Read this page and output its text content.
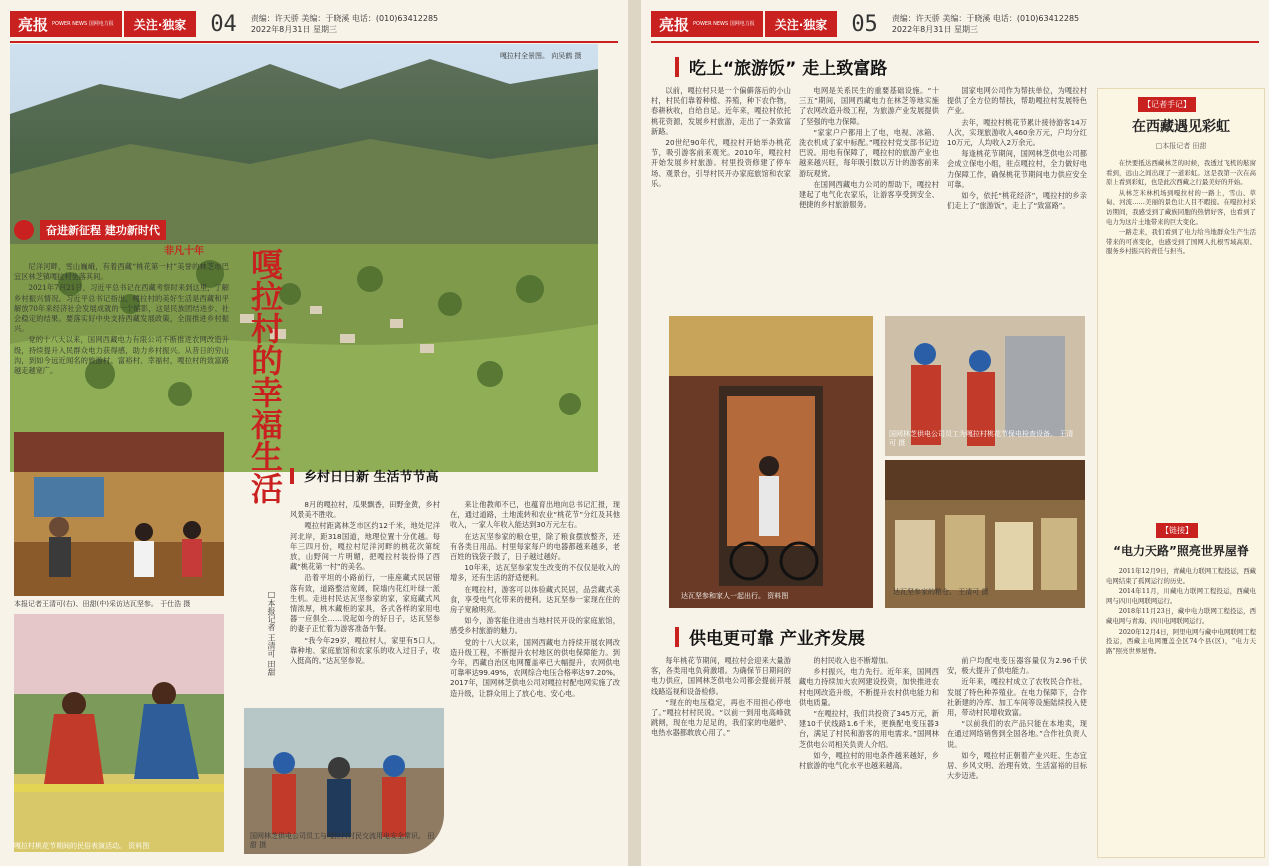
亮报 POWER NEWS 国网电力报	关注·独家	04 责编：许天骄 美编：于晓溪 电话：(010)63412285
2022年8月31日 星期三
嘎拉村全景图。 向吴鹤 摄
奋进新征程 建功新时代
非凡十年

尼洋河畔，雪山巍峨，有着西藏“桃花第一村”美誉的林芝市巴宜区林芝镇嘎拉村坐落其间。

2021年7月21日，习近平总书记在西藏考察时来到这里，了解乡村振兴情况。习近平总书记指出，嘎拉村的美好生活是西藏和平解放70年来经济社会发展成就的一个缩影，这是民族团结进步、社会稳定的结果。要落实好中央支持西藏发展政策，全面推进乡村振兴。

党的十八大以来，国网西藏电力有限公司不断推进农网改造升级，持续提升入民群众电力获得感，助力乡村振兴。从昔日的穷山沟，到如今远近闻名的旅游村、富裕村、幸福村，嘎拉村的致富路越走越宽广。	嘎拉村的幸福生活
本报记者王清可(右)、田甜(中)采访达瓦坚参。 于仕浩 摄
嘎拉村桃花节期间的民俗表演活动。 资料图
□本报记者 王清可 田甜
乡村日日新 生活节节高

8月的嘎拉村，瓜果飘香，田野金黄，乡村风景美不胜收。

嘎拉村距离林芝市区约12千米，地处尼洋河北岸，距318国道，地理位置十分优越。每年三四月份，嘎拉村尼洋河畔的桃花次第绽放，山野间一片明媚，把嘎拉村装扮得了西藏“桃花第一村”的美名。

沿着平坦的小路前行，一座座藏式民居错落有致，道路整洁宽阔，院墙内花红叶绿一派生机。走进村民达瓦坚参家的家，家庭藏式风情浓厚，桃木藏柜的家具，各式各样的家用电器一应俱全……说起如今的好日子，达瓦坚参的妻子正忙着为游客准备午餐。

“我今年29岁，嘎拉村人，家里有5口人，靠种地、家庭旅馆和农家乐的收入过日子，收入挺高的。”达瓦坚参说。

来让他教师不已，也蕴育出地向总书记汇报，现在，通过道路，土地流转和农业“桃花节”分红及其他收入，一家人年收入能达到30万元左右。

在达瓦坚参家的粮仓里，除了粮食摆放整齐，还有各类日用品。村里每家每户的电器都越来越多，老百姓的钱袋子鼓了，日子越过越好。

10年来，达瓦坚参家发生改变的不仅仅是收入的增多，还有生活的舒适便利。

在嘎拉村，游客可以体验藏式民居，品尝藏式美食，享受电气化带来的便利。达瓦坚参一家现在住的房子宽敞明亮。

如今，游客能住进由当地村民开设的家庭旅馆，感受乡村旅游的魅力。

党的十八大以来，国网西藏电力持续开展农网改造升级工程，不断提升农村地区的供电保障能力。到今年，西藏自治区电网覆盖率已大幅提升，农网供电可靠率达99.49%，农网综合电压合格率达97.20%。2017年，国网林芝供电公司对嘎拉村配电网实施了改造升级，让群众用上了放心电、安心电。

国网林芝供电公司员工与嘎拉村村民交流用电安全常识。 田甜 摄
亮报 POWER NEWS 国网电力报	关注·独家	05 责编：许天骄 美编：于晓溪 电话：(010)63412285
2022年8月31日 星期三
吃上“旅游饭” 走上致富路

以前，嘎拉村只是一个偏僻落后的小山村，村民们靠着种植、养殖，种下农作物，春耕秋收，自给自足。近年来，嘎拉村依托桃花资源，发展乡村旅游，走出了一条致富新路。

20世纪90年代，嘎拉村开始举办桃花节，吸引游客前来观光。2010年，嘎拉村开始发展乡村旅游。村里投资修建了停车场、观景台，引导村民开办家庭旅馆和农家乐。

电网是关系民生的重要基础设施。“十三五”期间，国网西藏电力在林芝等地实施了农网改造升级工程，为旅游产业发展提供了坚强的电力保障。

“家家户户都用上了电，电视、冰箱、洗衣机成了家中标配。”嘎拉村党支部书记边巴说。用电有保障了，嘎拉村的旅游产业也越来越兴旺，每年吸引数以万计的游客前来游玩观赏。

在国网西藏电力公司的帮助下，嘎拉村建起了电气化农家乐，让游客享受到安全、便捷的乡村旅游服务。

国家电网公司作为帮扶单位，为嘎拉村提供了全方位的帮扶，帮助嘎拉村发展特色产业。

去年，嘎拉村桃花节累计接待游客14万人次，实现旅游收入460余万元，户均分红10万元，人均收入2万余元。

每逢桃花节期间，国网林芝供电公司都会成立保电小组，驻点嘎拉村，全力做好电力保障工作，确保桃花节期间电力供应安全可靠。

如今，依托“桃花经济”，嘎拉村的乡亲们走上了“旅游饭”，走上了“致富路”。

达瓦坚参和家人一起出行。 资料图
国网林芝供电公司员工为嘎拉村桃花节保电检查设备。 王清可 摄
达瓦坚参家的粮仓。 王清可 摄
供电更可靠 产业齐发展

每年桃花节期间，嘎拉村会迎来大量游客，各类用电负荷激增。为确保节日期间的电力供应，国网林芝供电公司都会提前开展线路巡视和设备检修。

“现在的电压稳定，再也不用担心停电了。”嘎拉村村民说。“以前一到用电高峰就跳闸，现在电力足足的，我们家的电磁炉、电热水器都敢放心用了。”

的村民收入也不断增加。

乡村振兴，电力先行。近年来，国网西藏电力持续加大农网建设投资，加快推进农村电网改造升级，不断提升农村供电能力和供电质量。

“在嘎拉村，我们共投资了345万元，新建10千伏线路1.6千米，更换配电变压器3台，满足了村民和游客的用电需求。”国网林芝供电公司相关负责人介绍。

如今，嘎拉村的用电条件越来越好，乡村旅游的电气化水平也越来越高。

前户均配电变压器容量仅为2.96千伏安，极大提升了供电能力。

近年来，嘎拉村成立了农牧民合作社，发展了特色种养殖业。在电力保障下，合作社新建的冷库、加工车间等设施陆续投入使用，带动村民增收致富。

“以前我们的农产品只能在本地卖，现在通过网络销售到全国各地。”合作社负责人说。

如今，嘎拉村正朝着产业兴旺、生态宜居、乡风文明、治理有效、生活富裕的目标大步迈进。

【记者手记】
在西藏遇见彩虹
□本报记者 田甜

在快要抵达西藏林芝的时候，我透过飞机的舷窗看到，远山之间出现了一道彩虹。这是我第一次在高原上看到彩虹，也是此次西藏之行最美好的开始。

从林芝米林机场到嘎拉村的一路上，雪山、草甸、河流……美丽的景色让人目不暇接。在嘎拉村采访期间，我感受到了藏族同胞的热情好客，也看到了电力为这片土地带来的巨大变化。

一路走来，我们看到了电力给当地群众生产生活带来的可喜变化，也感受到了国网人扎根雪域高原、服务乡村振兴的责任与担当。

【链接】
“电力天路”照亮世界屋脊

2011年12月9日，青藏电力联网工程投运，西藏电网结束了孤网运行的历史。

2014年11月，川藏电力联网工程投运，西藏电网与四川电网联网运行。

2018年11月23日，藏中电力联网工程投运，西藏电网与青海、四川电网联网运行。

2020年12月4日，阿里电网与藏中电网联网工程投运，西藏主电网覆盖全区74个县(区)，“电力天路”照亮世界屋脊。
